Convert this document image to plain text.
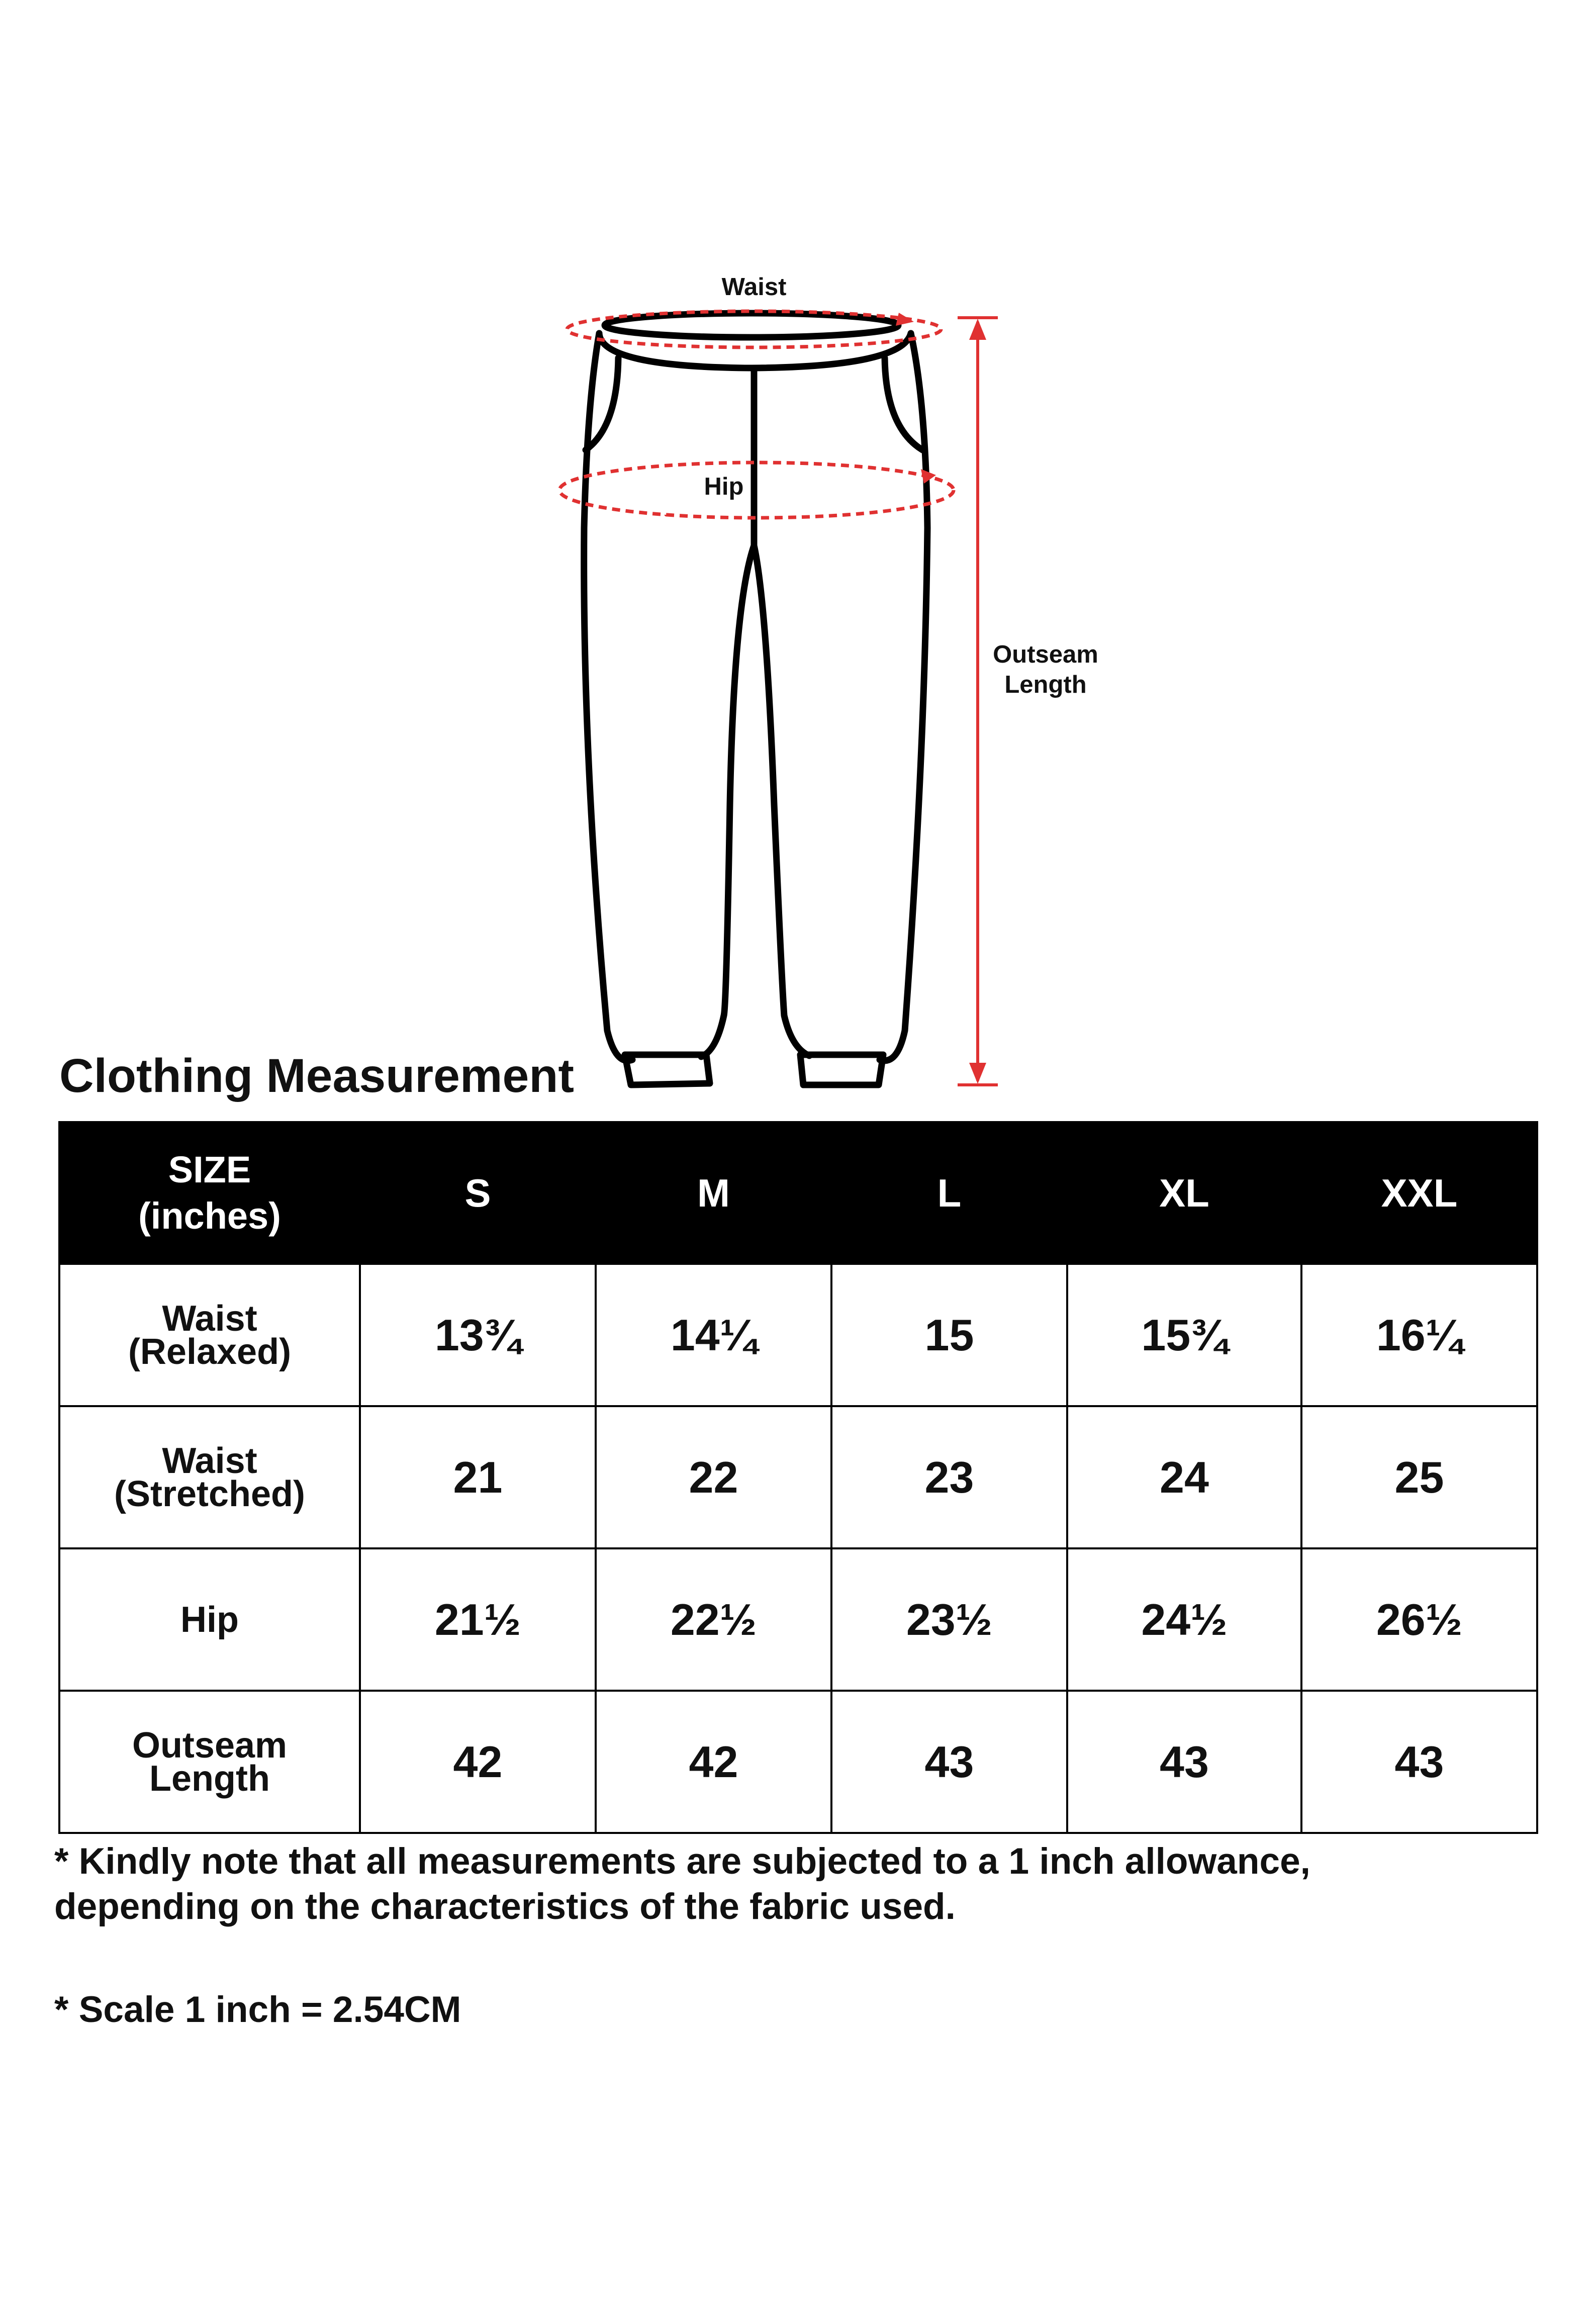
Waist
Hip
Outseam
Length
Clothing Measurement
SIZE
(inches)	S	M	L	XL	XXL
Waist
(Relaxed)	13¾	14¼	15	15¾	16¼
Waist
(Stretched)	21	22	23	24	25
Hip	21½	22½	23½	24½	26½
Outseam
Length	42	42	43	43	43
* Kindly note that all measurements are subjected to a 1 inch allowance,
depending on the characteristics of the fabric used.
* Scale 1 inch = 2.54CM
